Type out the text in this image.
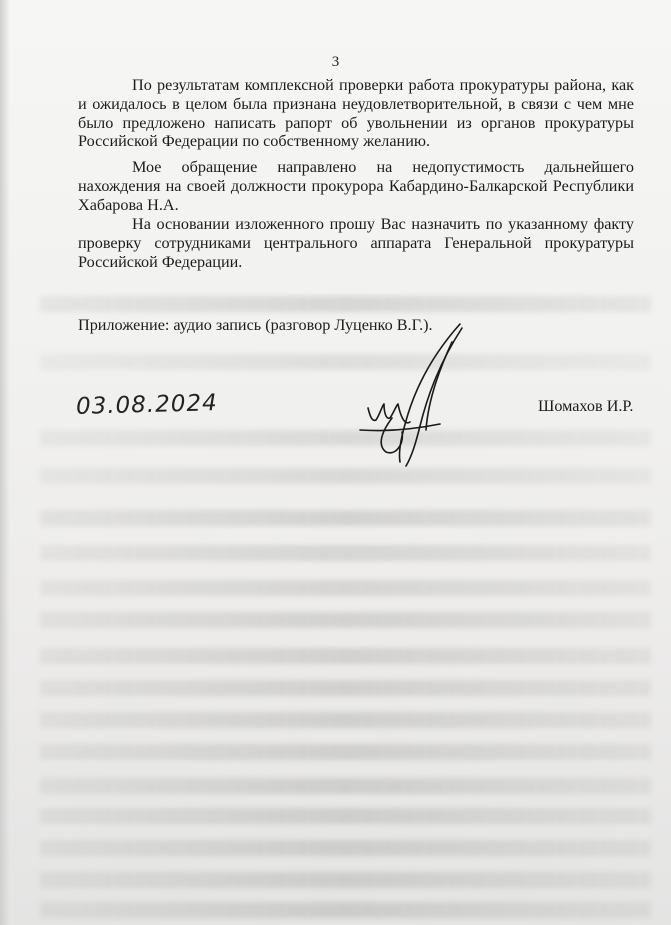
3

По результатам комплексной проверки работа прокуратуры района, как и ожидалось в целом была признана неудовлетворительной, в связи с чем мне было предложено написать рапорт об увольнении из органов прокуратуры Российской Федерации по собственному желанию.

Мое обращение направлено на недопустимость дальнейшего нахождения на своей должности прокурора Кабардино-Балкарской Республики Хабарова Н.А.

На основании изложенного прошу Вас назначить по указанному факту проверку сотрудниками центрального аппарата Генеральной прокуратуры Российской Федерации.

Приложение: аудио запись (разговор Луценко В.Г.).
03.08.2024	Шомахов И.Р.
